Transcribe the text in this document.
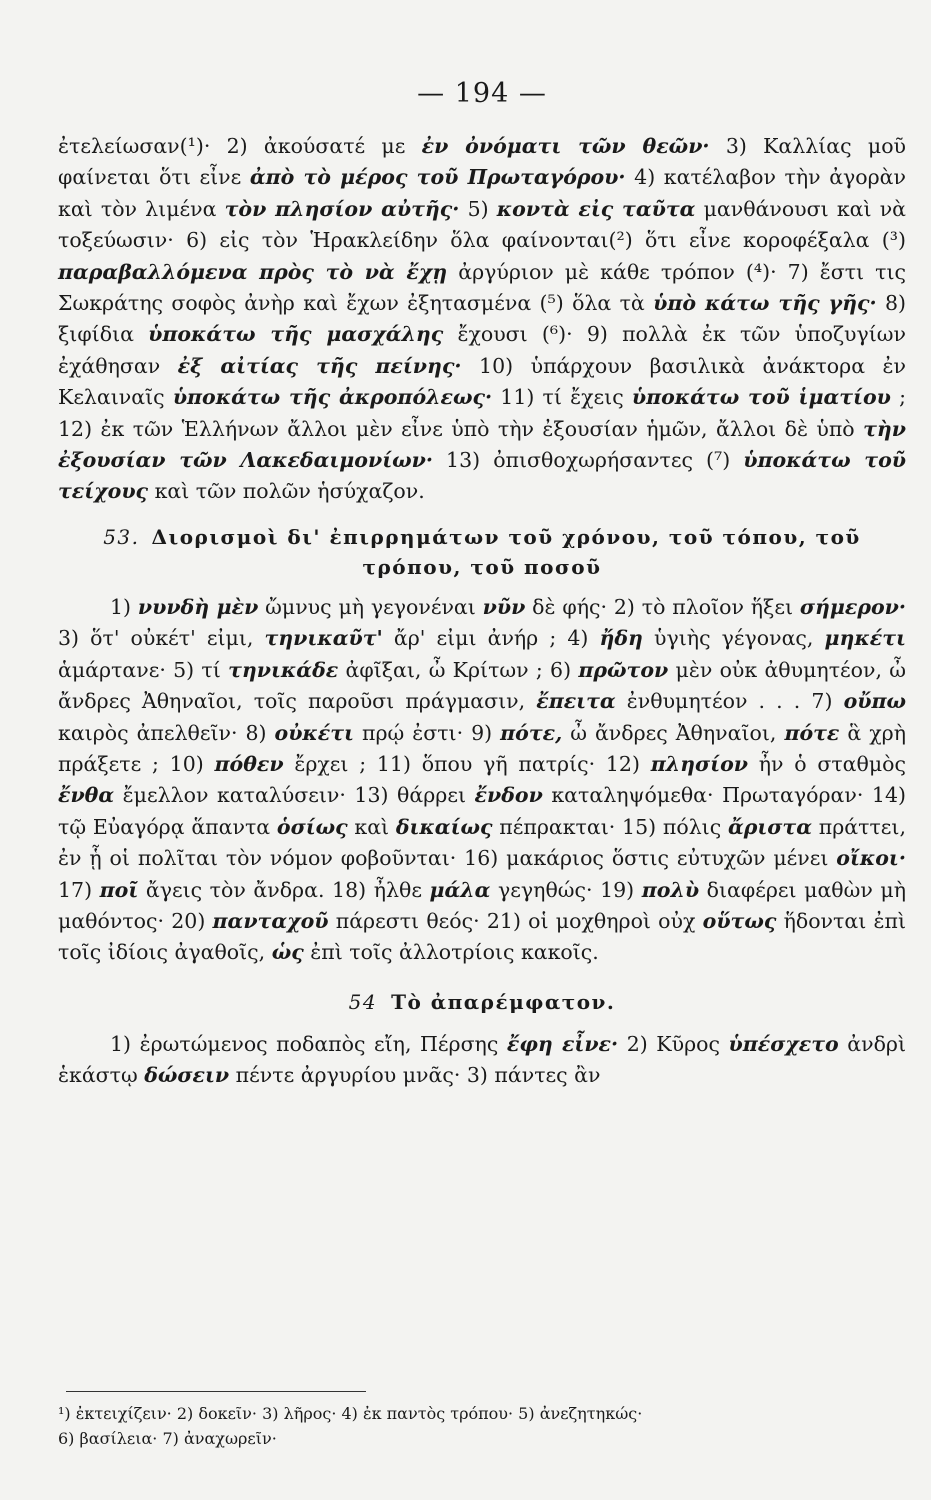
— 194 —

ἐτελείωσαν(¹)· 2) ἀκούσατέ με ἐν ὀνόματι τῶν θεῶν· 3) Καλλίας μοῦ φαίνεται ὅτι εἶνε ἀπὸ τὸ μέρος τοῦ Πρωταγόρου· 4) κατέλαβον τὴν ἀγορὰν καὶ τὸν λιμένα τὸν πλησίον αὐτῆς· 5) κοντὰ εἰς ταῦτα μανθάνουσι καὶ νὰ τοξεύωσιν· 6) εἰς τὸν Ἡρακλείδην ὅλα φαίνονται(²) ὅτι εἶνε κοροφέξαλα (³) παραβαλλόμενα πρὸς τὸ νὰ ἔχῃ ἀργύριον μὲ κάθε τρόπον (⁴)· 7) ἔστι τις Σωκράτης σοφὸς ἀνὴρ καὶ ἔχων ἐξητασμένα (⁵) ὅλα τὰ ὑπὸ κάτω τῆς γῆς· 8) ξιφίδια ὑποκάτω τῆς μασχάλης ἔχουσι (⁶)· 9) πολλὰ ἐκ τῶν ὑποζυγίων ἐχάθησαν ἐξ αἰτίας τῆς πείνης· 10) ὑπάρχουν βασιλικὰ ἀνάκτορα ἐν Κελαιναῖς ὑποκάτω τῆς ἀκροπόλεως· 11) τί ἔχεις ὑποκάτω τοῦ ἱματίου ; 12) ἐκ τῶν Ἑλλήνων ἄλλοι μὲν εἶνε ὑπὸ τὴν ἐξουσίαν ἡμῶν, ἄλλοι δὲ ὑπὸ τὴν ἐξουσίαν τῶν Λακεδαιμονίων· 13) ὀπισθοχωρήσαντες (⁷) ὑποκάτω τοῦ τείχους καὶ τῶν πολῶν ἡσύχαζον.

53. Διορισμοὶ δι' ἐπιρρημάτων τοῦ χρόνου, τοῦ τόπου, τοῦ τρόπου, τοῦ ποσοῦ

1) νυνδὴ μὲν ὤμνυς μὴ γεγονέναι νῦν δὲ φής· 2) τὸ πλοῖον ἥξει σήμερον· 3) ὅτ' οὐκέτ' εἰμι, τηνικαῦτ' ἄρ' εἰμι ἀνήρ ; 4) ἤδη ὑγιὴς γέγονας, μηκέτι ἁμάρτανε· 5) τί τηνικάδε ἀφῖξαι, ὦ Κρίτων ; 6) πρῶτον μὲν οὐκ ἀθυμητέον, ὦ ἄνδρες Ἀθηναῖοι, τοῖς παροῦσι πράγμασιν, ἔπειτα ἐνθυμητέον . . . 7) οὔπω καιρὸς ἀπελθεῖν· 8) οὐκέτι πρῴ ἐστι· 9) πότε, ὦ ἄνδρες Ἀθηναῖοι, πότε ἃ χρὴ πράξετε ; 10) πόθεν ἔρχει ; 11) ὅπου γῆ πατρίς· 12) πλησίον ἦν ὁ σταθμὸς ἔνθα ἔμελλον καταλύσειν· 13) θάρρει ἔνδον καταληψόμεθα· Πρωταγόραν· 14) τῷ Εὐαγόρᾳ ἅπαντα ὁσίως καὶ δικαίως πέπρακται· 15) πόλις ἄριστα πράττει, ἐν ᾗ οἱ πολῖται τὸν νόμον φοβοῦνται· 16) μακάριος ὅστις εὐτυχῶν μένει οἴκοι· 17) ποῖ ἄγεις τὸν ἄνδρα. 18) ἦλθε μάλα γεγηθώς· 19) πολὺ διαφέρει μαθὼν μὴ μαθόντος· 20) πανταχοῦ πάρεστι θεός· 21) οἱ μοχθηροὶ οὐχ οὕτως ἥδονται ἐπὶ τοῖς ἰδίοις ἀγαθοῖς, ὡς ἐπὶ τοῖς ἀλλοτρίοις κακοῖς.

54 Τὸ ἀπαρέμφατον.

1) ἐρωτώμενος ποδαπὸς εἴη, Πέρσης ἔφη εἶνε· 2) Κῦρος ὑπέσχετο ἀνδρὶ ἑκάστῳ δώσειν πέντε ἀργυρίου μνᾶς· 3) πάντες ἂν

¹) ἐκτειχίζειν· 2) δοκεῖν· 3) λῆρος· 4) ἐκ παντὸς τρόπου· 5) ἀνεζητηκώς·

6) βασίλεια· 7) ἀναχωρεῖν·
